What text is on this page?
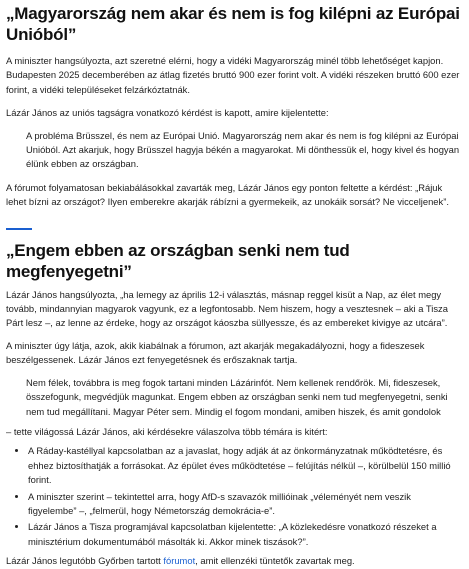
„Magyarország nem akar és nem is fog kilépni az Európai Unióból”

A miniszter hangsúlyozta, azt szeretné elérni, hogy a vidéki Magyarország minél több lehetőséget kapjon. Budapesten 2025 decemberében az átlag fizetés bruttó 900 ezer forint volt. A vidéki részeken bruttó 600 ezer forint, a vidéki településeket felzárkóztatnák.

Lázár János az uniós tagságra vonatkozó kérdést is kapott, amire kijelentette:

A probléma Brüsszel, és nem az Európai Unió. Magyarország nem akar és nem is fog kilépni az Európai Unióból. Azt akarjuk, hogy Brüsszel hagyja békén a magyarokat. Mi dönthessük el, hogy kivel és hogyan élünk ebben az országban.

A fórumot folyamatosan bekiabálásokkal zavarták meg, Lázár János egy ponton feltette a kérdést: „Rájuk lehet bízni az országot? Ilyen emberekre akarják rábízni a gyermekeik, az unokáik sorsát? Ne vicceljenek”.

„Engem ebben az országban senki nem tud megfenyegetni”

Lázár János hangsúlyozta, „ha lemegy az április 12-i választás, másnap reggel kisüt a Nap, az élet megy tovább, mindannyian magyarok vagyunk, ez a legfontosabb. Nem hiszem, hogy a vesztesnek – aki a Tisza Párt lesz –, az lenne az érdeke, hogy az országot káoszba süllyessze, és az embereket kivigye az utcára”.

A miniszter úgy látja, azok, akik kiabálnak a fórumon, azt akarják megakadályozni, hogy a fideszesek beszélgessenek. Lázár János ezt fenyegetésnek és erőszaknak tartja.

Nem félek, továbbra is meg fogok tartani minden Lázárinfót. Nem kellenek rendőrök. Mi, fideszesek, összefogunk, megvédjük magunkat. Engem ebben az országban senki nem tud megfenyegetni, senki nem tud megállítani. Magyar Péter sem. Mindig el fogom mondani, amiben hiszek, és amit gondolok

– tette világossá Lázár János, aki kérdésekre válaszolva több témára is kitért:

• A Ráday-kastéllyal kapcsolatban az a javaslat, hogy adják át az önkormányzatnak működtetésre, és ehhez biztosíthatják a forrásokat. Az épület éves működtetése – felújítás nélkül –, körülbelül 150 millió forint.
• A miniszter szerint – tekintettel arra, hogy AfD-s szavazók millióinak „véleményét nem veszik figyelembe” –, „felmerül, hogy Németország demokrácia-e”.
• Lázár János a Tisza programjával kapcsolatban kijelentette: „A közlekedésre vonatkozó részeket a minisztérium dokumentumából másolták ki. Akkor minek tiszások?”.

Lázár János legutóbb Győrben tartott fórumot, amit ellenzéki tüntetők zavartak meg.
